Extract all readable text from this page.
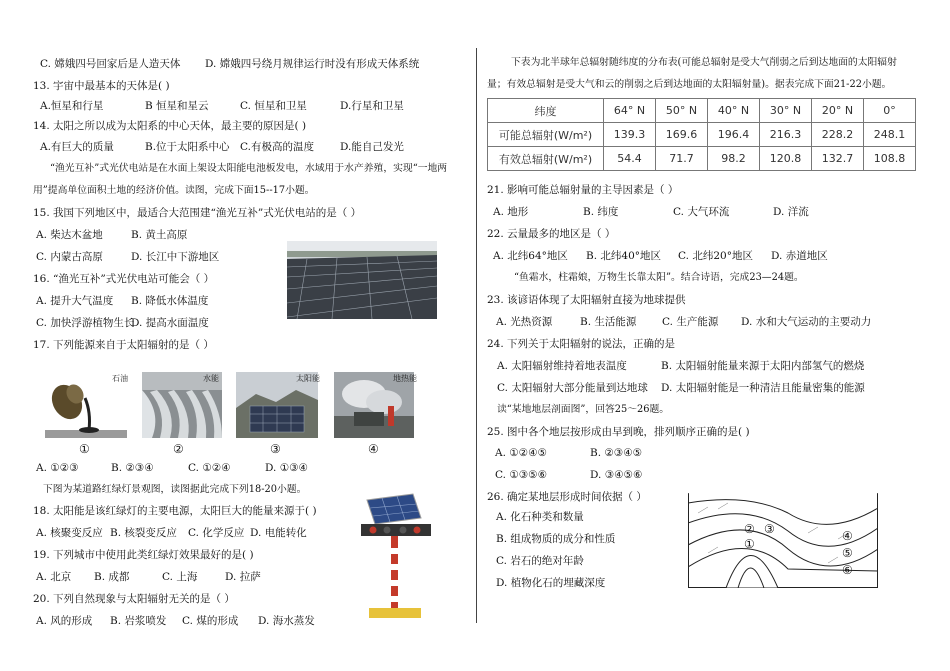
C. 嫦娥四号回家后是人造天体 D. 嫦娥四号绕月规律运行时没有形成天体系统
13. 宇宙中最基本的天体是( )
A.恒星和行星	B 恒星和星云	C. 恒星和卫星	D.行星和卫星
14. 太阳之所以成为太阳系的中心天体，最主要的原因是( )
A.有巨大的质量	B.位于太阳系中心 C.有极高的温度 D.能自己发光
“渔光互补”式光伏电站是在水面上架设太阳能电池板发电，水域用于水产养殖，实现“一地两
用”提高单位面积土地的经济价值。读图，完成下面15--17小题。
15. 我国下列地区中，最适合大范围建“渔光互补”式光伏电站的是（ ）
A. 柴达木盆地	B. 黄土高原
C. 内蒙古高原	D. 长江中下游地区
16. “渔光互补”式光伏电站可能会（ ）
A. 提升大气温度 B. 降低水体温度
C. 加快浮游植物生长
D. 提高水面温度
17. 下列能源来自于太阳辐射的是（ ）
石油	水能	太阳能	地热能
①	②	③	④
A. ①②③	B. ②③④	C. ①②④	D. ①③④
下图为某道路红绿灯景观图，读图据此完成下列18-20小题。
18. 太阳能是该红绿灯的主要电源，太阳巨大的能量来源于( )
A. 核聚变反应 B. 核裂变反应 C. 化学反应 D. 电能转化
19. 下列城市中使用此类红绿灯效果最好的是( )
A. 北京 B. 成都	C. 上海	D. 拉萨
20. 下列自然现象与太阳辐射无关的是（ ）
A. 风的形成 B. 岩浆喷发 C. 煤的形成 D. 海水蒸发
下表为北半球年总辐射随纬度的分布表(可能总辐射是受大气削弱之后到达地面的太阳辐射
量；有效总辐射是受大气和云的削弱之后到达地面的太阳辐射量)。据表完成下面21-22小题。
纬度	64° N	50° N	40° N	30° N	20° N	0°
可能总辐射(W/m²)	139.3	169.6	196.4	216.3	228.2	248.1
有效总辐射(W/m²)	54.4	71.7	98.2	120.8	132.7	108.8
21. 影响可能总辐射量的主导因素是（ ）
A. 地形	B. 纬度	C. 大气环流	D. 洋流
22. 云量最多的地区是（ ）
A. 北纬64°地区 B. 北纬40°地区 C. 北纬20°地区 D. 赤道地区
“鱼霜水，柱霜娘，万物生长靠太阳”。结合诗语，完成23—24题。
23. 该谚语体现了太阳辐射直接为地球提供
A. 光热资源	B. 生活能源 C. 生产能源 D. 水和大气运动的主要动力
24. 下列关于太阳辐射的说法，正确的是
A. 太阳辐射维持着地表温度	B. 太阳辐射能量来源于太阳内部氢气的燃烧
C. 太阳辐射大部分能量到达地球 D. 太阳辐射能是一种清洁且能量密集的能源
读“某地地层剖面图”，回答25～26题。
25. 图中各个地层按形成由早到晚，排列顺序正确的是( )
A. ①②④⑤	B. ②③④⑤
C. ①③⑤⑥	D. ③④⑤⑥
26. 确定某地层形成时间依据（ ）
A. 化石种类和数量
B. 组成物质的成分和性质
C. 岩石的绝对年龄
D. 植物化石的埋藏深度
①
② ③	④
⑤
⑥
